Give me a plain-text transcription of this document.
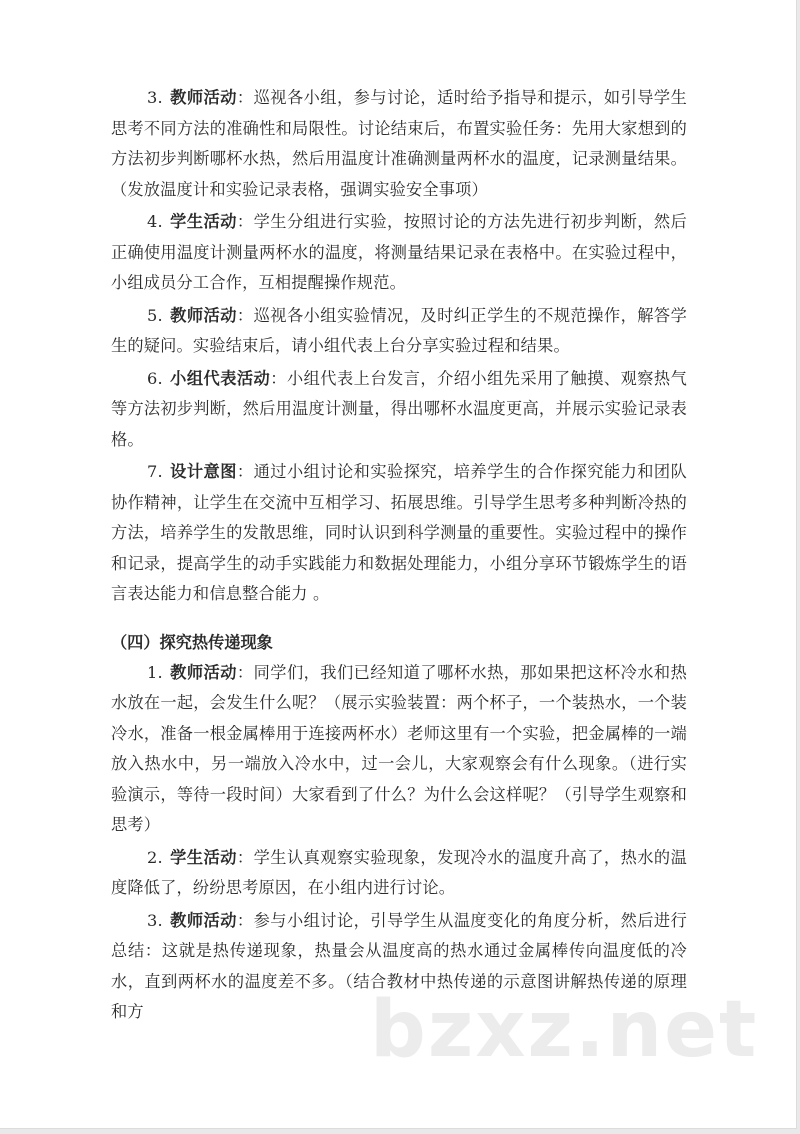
3. 教师活动：巡视各小组，参与讨论，适时给予指导和提示，如引导学生思考不同方法的准确性和局限性。讨论结束后，布置实验任务：先用大家想到的方法初步判断哪杯水热，然后用温度计准确测量两杯水的温度，记录测量结果。（发放温度计和实验记录表格，强调实验安全事项）

4. 学生活动：学生分组进行实验，按照讨论的方法先进行初步判断，然后正确使用温度计测量两杯水的温度，将测量结果记录在表格中。在实验过程中，小组成员分工合作，互相提醒操作规范。

5. 教师活动：巡视各小组实验情况，及时纠正学生的不规范操作，解答学生的疑问。实验结束后，请小组代表上台分享实验过程和结果。

6. 小组代表活动：小组代表上台发言，介绍小组先采用了触摸、观察热气等方法初步判断，然后用温度计测量，得出哪杯水温度更高，并展示实验记录表格。

7. 设计意图：通过小组讨论和实验探究，培养学生的合作探究能力和团队协作精神，让学生在交流中互相学习、拓展思维。引导学生思考多种判断冷热的方法，培养学生的发散思维，同时认识到科学测量的重要性。实验过程中的操作和记录，提高学生的动手实践能力和数据处理能力，小组分享环节锻炼学生的语言表达能力和信息整合能力 。

（四）探究热传递现象

1. 教师活动：同学们，我们已经知道了哪杯水热，那如果把这杯冷水和热水放在一起，会发生什么呢？（展示实验装置：两个杯子，一个装热水，一个装冷水，准备一根金属棒用于连接两杯水）老师这里有一个实验，把金属棒的一端放入热水中，另一端放入冷水中，过一会儿，大家观察会有什么现象。（进行实验演示，等待一段时间）大家看到了什么？为什么会这样呢？（引导学生观察和思考）

2. 学生活动：学生认真观察实验现象，发现冷水的温度升高了，热水的温度降低了，纷纷思考原因，在小组内进行讨论。

3. 教师活动：参与小组讨论，引导学生从温度变化的角度分析，然后进行总结：这就是热传递现象，热量会从温度高的热水通过金属棒传向温度低的冷水，直到两杯水的温度差不多。（结合教材中热传递的示意图讲解热传递的原理和方	bzxz.net
